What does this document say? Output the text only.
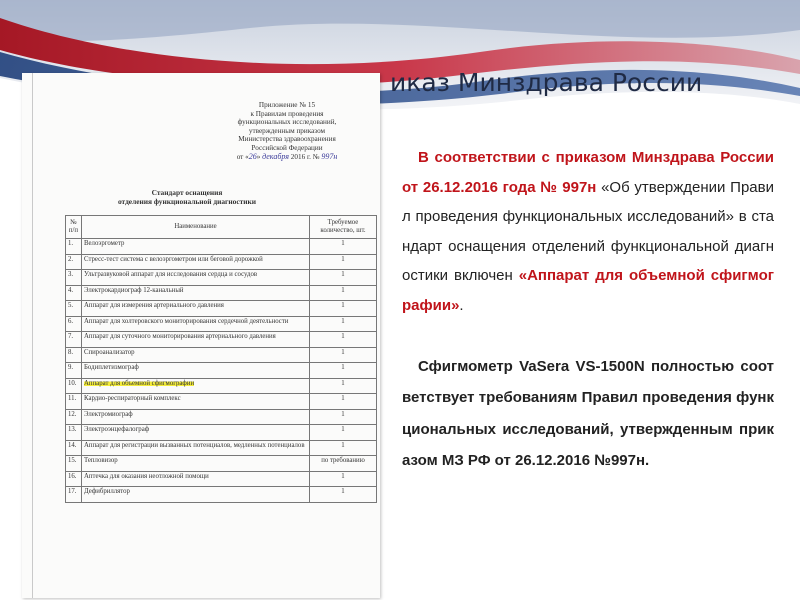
иказ Минздрава России
Приложение № 15
к Правилам проведения
функциональных исследований,
утвержденным приказом
Министерства здравоохранения
Российской Федерации
от «26» декабря 2016 г. № 997н
Стандарт оснащения
отделения функциональной диагностики
№ п/п	Наименование	Требуемое количество, шт.
1.	Велоэргометр	1
2.	Стресс-тест система с велоэргометром или беговой дорожкой	1
3.	Ультразвуковой аппарат для исследования сердца и сосудов	1
4.	Электрокардиограф 12-канальный	1
5.	Аппарат для измерения артериального давления	1
6.	Аппарат для холтеровского мониторирования сердечной деятельности	1
7.	Аппарат для суточного мониторирования артериального давления	1
8.	Спироанализатор	1
9.	Бодиплетизмограф	1
10.	Аппарат для объемной сфигмографии	1
11.	Кардио-респираторный комплекс	1
12.	Электромиограф	1
13.	Электроэнцефалограф	1
14.	Аппарат для регистрации вызванных потенциалов, медленных потенциалов	1
15.	Тепловизор	по требованию
16.	Аптечка для оказания неотложной помощи	1
17.	Дефибриллятор	1
В соответствии с приказом Минздрава России от 26.12.2016 года № 997н «Об утверждении Правил проведения функциональных исследований» в стандарт оснащения отделений функциональной диагностики включен «Аппарат для объемной сфигмографии».
Сфигмометр VaSera VS-1500N полностью соответствует требованиям Правил проведения функциональных исследований, утвержденным приказом МЗ РФ от 26.12.2016 №997н.
